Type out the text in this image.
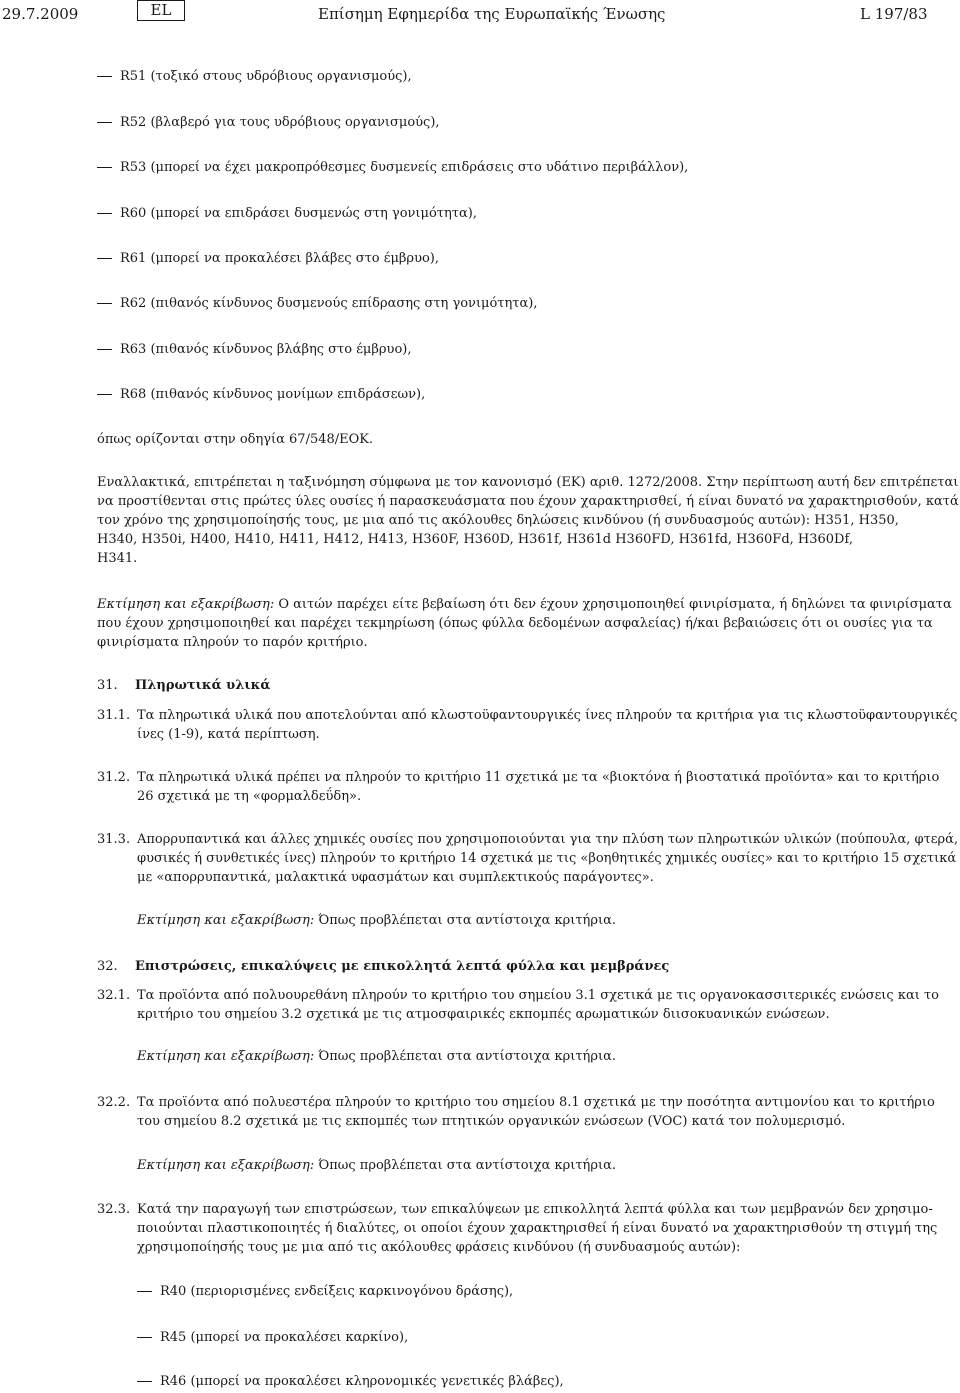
29.7.2009	EL	Επίσημη Εφημερίδα της Ευρωπαϊκής Ένωσης	L 197/83
R51 (τοξικό στους υδρόβιους οργανισμούς),
R52 (βλαβερό για τους υδρόβιους οργανισμούς),
R53 (μπορεί να έχει μακροπρόθεσμες δυσμενείς επιδράσεις στο υδάτινο περιβάλλον),
R60 (μπορεί να επιδράσει δυσμενώς στη γονιμότητα),
R61 (μπορεί να προκαλέσει βλάβες στο έμβρυο),
R62 (πιθανός κίνδυνος δυσμενούς επίδρασης στη γονιμότητα),
R63 (πιθανός κίνδυνος βλάβης στο έμβρυο),
R68 (πιθανός κίνδυνος μονίμων επιδράσεων),
όπως ορίζονται στην οδηγία 67/548/ΕΟΚ.
Εναλλακτικά, επιτρέπεται η ταξινόμηση σύμφωνα με τον κανονισμό (ΕΚ) αριθ. 1272/2008. Στην περίπτωση αυτή δεν επιτρέπεται
να προστίθενται στις πρώτες ύλες ουσίες ή παρασκευάσματα που έχουν χαρακτηρισθεί, ή είναι δυνατό να χαρακτηρισθούν, κατά
τον χρόνο της χρησιμοποίησής τους, με μια από τις ακόλουθες δηλώσεις κινδύνου (ή συνδυασμούς αυτών): H351, H350,
H340, H350i, H400, H410, H411, H412, H413, H360F, H360D, H361f, H361d H360FD, H361fd, H360Fd, H360Df,
H341.
Εκτίμηση και εξακρίβωση: Ο αιτών παρέχει είτε βεβαίωση ότι δεν έχουν χρησιμοποιηθεί φινιρίσματα, ή δηλώνει τα φινιρίσματα
που έχουν χρησιμοποιηθεί και παρέχει τεκμηρίωση (όπως φύλλα δεδομένων ασφαλείας) ή/και βεβαιώσεις ότι οι ουσίες για τα
φινιρίσματα πληρούν το παρόν κριτήριο.
31. Πληρωτικά υλικά
31.1. Τα πληρωτικά υλικά που αποτελούνται από κλωστοϋφαντουργικές ίνες πληρούν τα κριτήρια για τις κλωστοϋφαντουργικές
ίνες (1-9), κατά περίπτωση.
31.2. Τα πληρωτικά υλικά πρέπει να πληρούν το κριτήριο 11 σχετικά με τα «βιοκτόνα ή βιοστατικά προϊόντα» και το κριτήριο
26 σχετικά με τη «φορμαλδεΰδη».
31.3. Απορρυπαντικά και άλλες χημικές ουσίες που χρησιμοποιούνται για την πλύση των πληρωτικών υλικών (πούπουλα, φτερά,
φυσικές ή συνθετικές ίνες) πληρούν το κριτήριο 14 σχετικά με τις «βοηθητικές χημικές ουσίες» και το κριτήριο 15 σχετικά
με «απορρυπαντικά, μαλακτικά υφασμάτων και συμπλεκτικούς παράγοντες».
Εκτίμηση και εξακρίβωση: Όπως προβλέπεται στα αντίστοιχα κριτήρια.
32. Επιστρώσεις, επικαλύψεις με επικολλητά λεπτά φύλλα και μεμβράνες
32.1. Τα προϊόντα από πολυουρεθάνη πληρούν το κριτήριο του σημείου 3.1 σχετικά με τις οργανοκασσιτερικές ενώσεις και το
κριτήριο του σημείου 3.2 σχετικά με τις ατμοσφαιρικές εκπομπές αρωματικών διισοκυανικών ενώσεων.
Εκτίμηση και εξακρίβωση: Όπως προβλέπεται στα αντίστοιχα κριτήρια.
32.2. Τα προϊόντα από πολυεστέρα πληρούν το κριτήριο του σημείου 8.1 σχετικά με την ποσότητα αντιμονίου και το κριτήριο
του σημείου 8.2 σχετικά με τις εκπομπές των πτητικών οργανικών ενώσεων (VOC) κατά τον πολυμερισμό.
Εκτίμηση και εξακρίβωση: Όπως προβλέπεται στα αντίστοιχα κριτήρια.
32.3. Κατά την παραγωγή των επιστρώσεων, των επικαλύψεων με επικολλητά λεπτά φύλλα και των μεμβρανών δεν χρησιμο-
ποιούνται πλαστικοποιητές ή διαλύτες, οι οποίοι έχουν χαρακτηρισθεί ή είναι δυνατό να χαρακτηρισθούν τη στιγμή της
χρησιμοποίησής τους με μια από τις ακόλουθες φράσεις κινδύνου (ή συνδυασμούς αυτών):
R40 (περιορισμένες ενδείξεις καρκινογόνου δράσης),
R45 (μπορεί να προκαλέσει καρκίνο),
R46 (μπορεί να προκαλέσει κληρονομικές γενετικές βλάβες),
